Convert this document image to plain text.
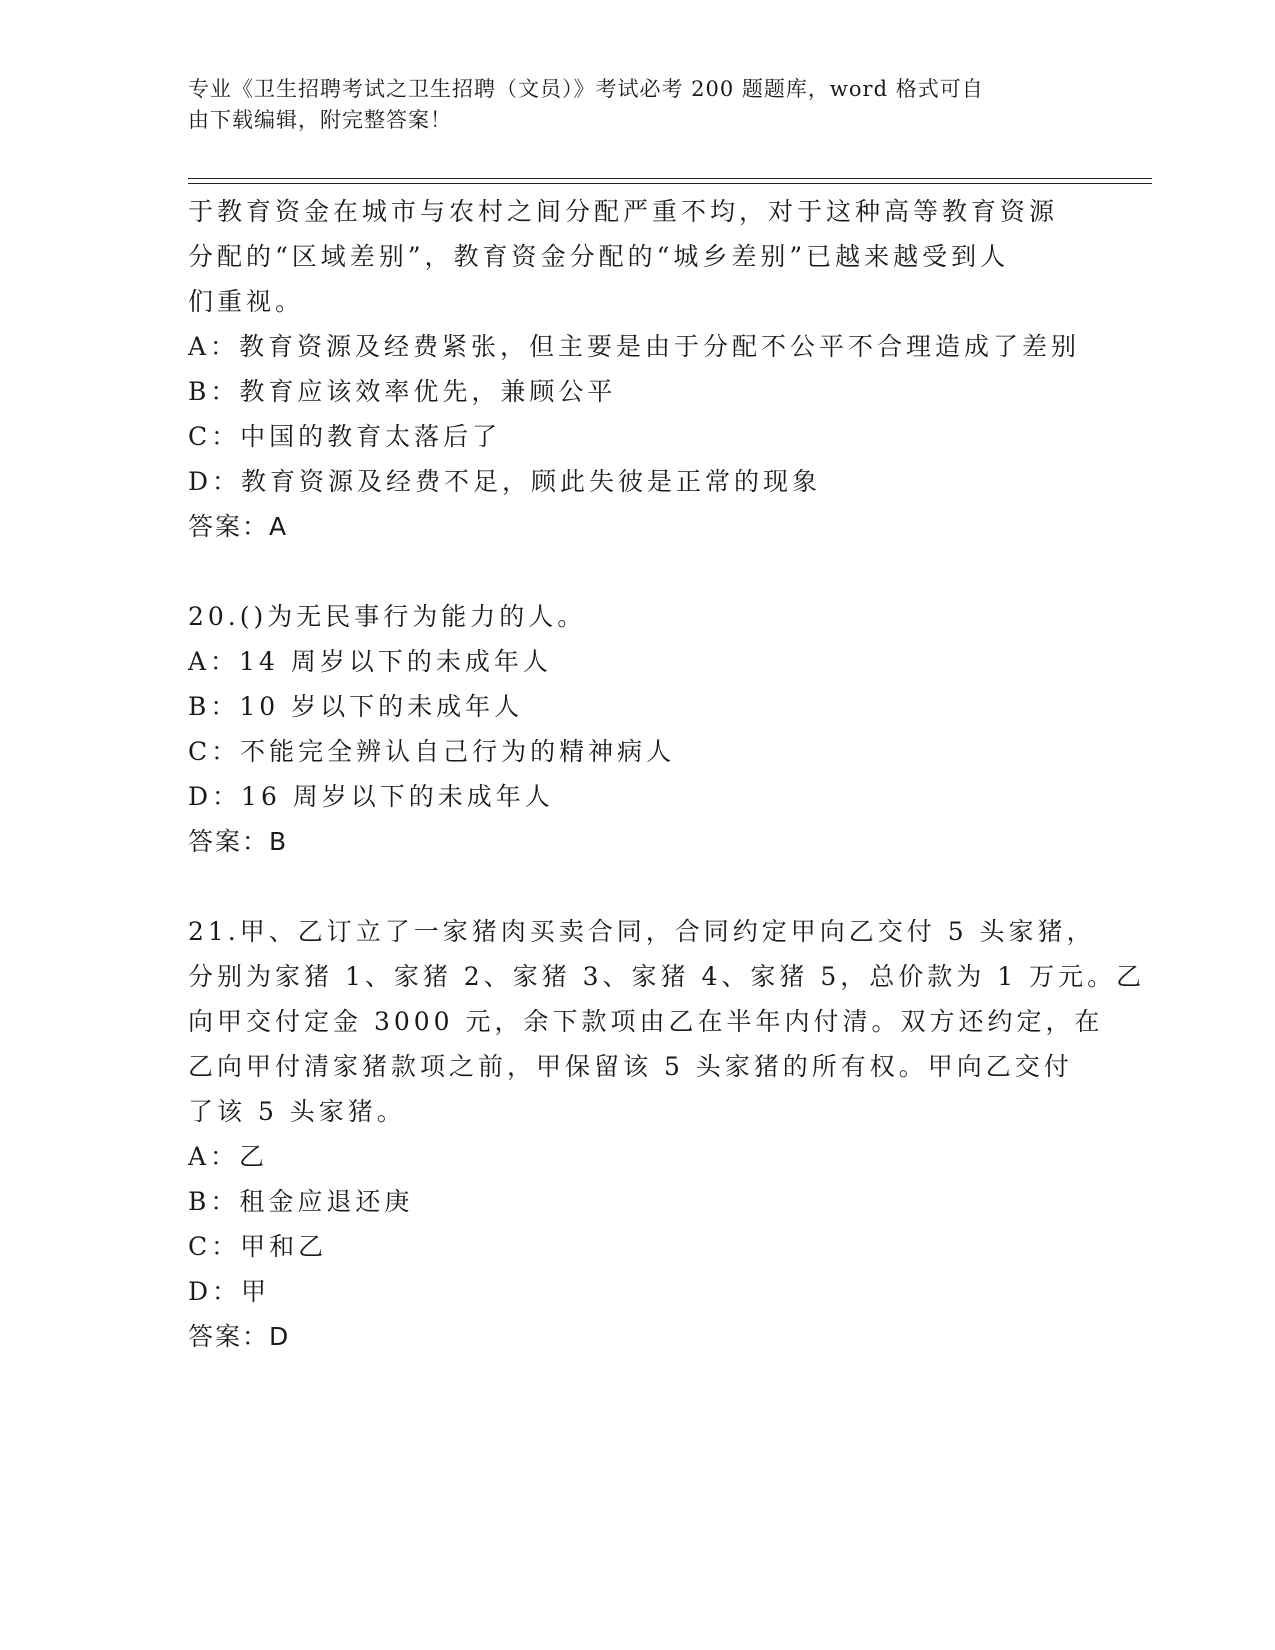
专业《卫生招聘考试之卫生招聘（文员）》考试必考 200 题题库，word 格式可自
由下载编辑，附完整答案！
于教育资金在城市与农村之间分配严重不均，对于这种高等教育资源
分配的“区域差别”，教育资金分配的“城乡差别”已越来越受到人
们重视。
A：教育资源及经费紧张，但主要是由于分配不公平不合理造成了差别
B：教育应该效率优先，兼顾公平
C：中国的教育太落后了
D：教育资源及经费不足，顾此失彼是正常的现象
答案：A
20.()为无民事行为能力的人。
A：14 周岁以下的未成年人
B：10 岁以下的未成年人
C：不能完全辨认自己行为的精神病人
D：16 周岁以下的未成年人
答案：B
21.甲、乙订立了一家猪肉买卖合同，合同约定甲向乙交付 5 头家猪，
分别为家猪 1、家猪 2、家猪 3、家猪 4、家猪 5，总价款为 1 万元。乙
向甲交付定金 3000 元，余下款项由乙在半年内付清。双方还约定，在
乙向甲付清家猪款项之前，甲保留该 5 头家猪的所有权。甲向乙交付
了该 5 头家猪。
A：乙
B：租金应退还庚
C：甲和乙
D：甲
答案：D
